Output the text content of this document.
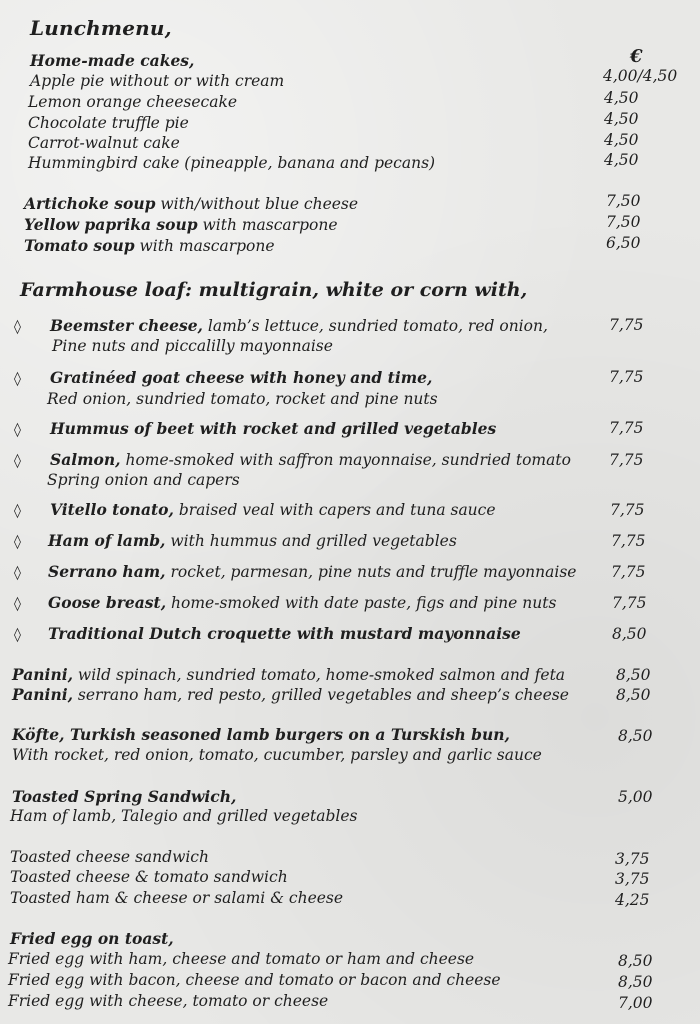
Lunchmenu,
€
Home-made cakes,
Apple pie without or with cream	4,00/4,50
Lemon orange cheesecake	4,50
Chocolate truffle pie	4,50
Carrot-walnut cake	4,50
Hummingbird cake (pineapple, banana and pecans)	4,50
Artichoke soup with/without blue cheese	7,50
Yellow paprika soup with mascarpone	7,50
Tomato soup with mascarpone	6,50
Farmhouse loaf: multigrain, white or corn with,
◊ Beemster cheese, lamb’s lettuce, sundried tomato, red onion,
Pine nuts and piccalilly mayonnaise
7,75
◊ Gratinéed goat cheese with honey and time,
Red onion, sundried tomato, rocket and pine nuts
7,75
◊ Hummus of beet with rocket and grilled vegetables	7,75
◊ Salmon, home-smoked with saffron mayonnaise, sundried tomato
Spring onion and capers
7,75
◊ Vitello tonato, braised veal with capers and tuna sauce	7,75
◊ Ham of lamb, with hummus and grilled vegetables	7,75
◊ Serrano ham, rocket, parmesan, pine nuts and truffle mayonnaise 7,75
◊ Goose breast, home-smoked with date paste, figs and pine nuts	7,75
◊ Traditional Dutch croquette with mustard mayonnaise	8,50
Panini, wild spinach, sundried tomato, home-smoked salmon and feta	8,50
Panini, serrano ham, red pesto, grilled vegetables and sheep’s cheese	8,50
Köfte, Turkish seasoned lamb burgers on a Turskish bun,
With rocket, red onion, tomato, cucumber, parsley and garlic sauce
8,50
Toasted Spring Sandwich,
Ham of lamb, Talegio and grilled vegetables
5,00
Toasted cheese sandwich	3,75
Toasted cheese & tomato sandwich	3,75
Toasted ham & cheese or salami & cheese	4,25
Fried egg on toast,
Fried egg with ham, cheese and tomato or ham and cheese	8,50
Fried egg with bacon, cheese and tomato or bacon and cheese	8,50
Fried egg with cheese, tomato or cheese	7,00
